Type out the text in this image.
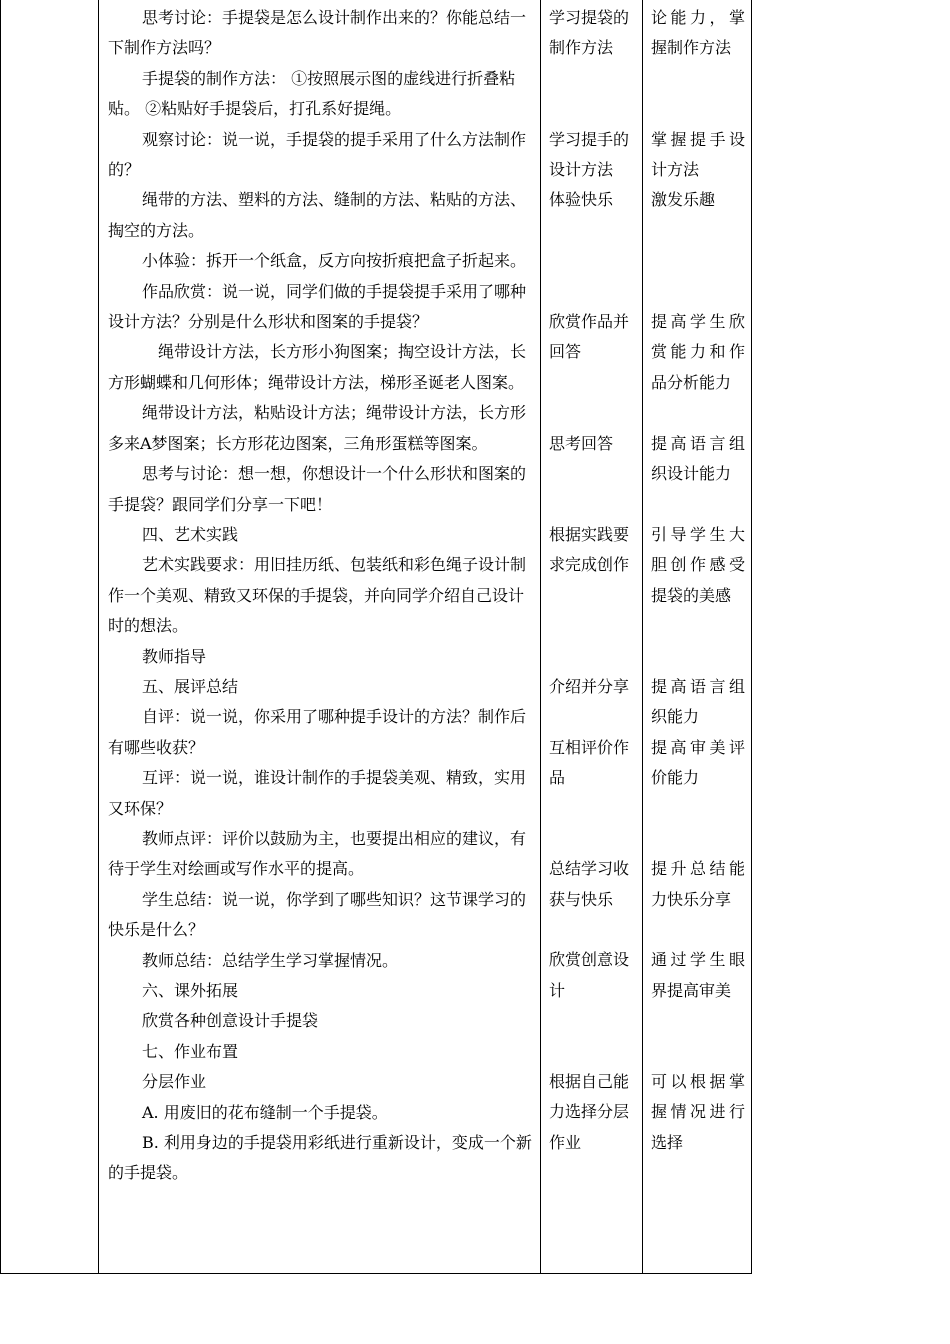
思考讨论：手提袋是怎么设计制作出来的？你能总结一下制作方法吗？

手提袋的制作方法： ①按照展示图的虚线进行折叠粘贴。 ②粘贴好手提袋后，打孔系好提绳。

观察讨论：说一说，手提袋的提手采用了什么方法制作的？

绳带的方法、塑料的方法、缝制的方法、粘贴的方法、掏空的方法。

小体验：拆开一个纸盒，反方向按折痕把盒子折起来。

作品欣赏：说一说，同学们做的手提袋提手采用了哪种设计方法？分别是什么形状和图案的手提袋？

绳带设计方法，长方形小狗图案；掏空设计方法，长方形蝴蝶和几何形体；绳带设计方法，梯形圣诞老人图案。

绳带设计方法，粘贴设计方法；绳带设计方法，长方形多来A梦图案；长方形花边图案，三角形蛋糕等图案。

思考与讨论：想一想，你想设计一个什么形状和图案的手提袋？跟同学们分享一下吧！

四、艺术实践

艺术实践要求：用旧挂历纸、包装纸和彩色绳子设计制作一个美观、精致又环保的手提袋，并向同学介绍自己设计时的想法。

教师指导

五、展评总结

自评：说一说，你采用了哪种提手设计的方法？制作后有哪些收获？

互评：说一说，谁设计制作的手提袋美观、精致，实用又环保？

教师点评：评价以鼓励为主，也要提出相应的建议，有待于学生对绘画或写作水平的提高。

学生总结：说一说，你学到了哪些知识？这节课学习的快乐是什么？

教师总结：总结学生学习掌握情况。

六、课外拓展

欣赏各种创意设计手提袋

七、作业布置

分层作业

A. 用废旧的花布缝制一个手提袋。

B. 利用身边的手提袋用彩纸进行重新设计，变成一个新的手提袋。

学习提袋的
制作方法
学习提手的
设计方法
体验快乐
欣赏作品并
回答
思考回答
根据实践要
求完成创作
介绍并分享
互相评价作
品
总结学习收
获与快乐
欣赏创意设
计
根据自己能
力选择分层
作业
论能力，掌
握制作方法
掌握提手设
计方法
激发乐趣
提高学生欣
赏能力和作
品分析能力
提高语言组
织设计能力
引导学生大
胆创作感受
提袋的美感
提高语言组
织能力
提高审美评
价能力
提升总结能
力快乐分享
通过学生眼
界提高审美
可以根据掌
握情况进行
选择
